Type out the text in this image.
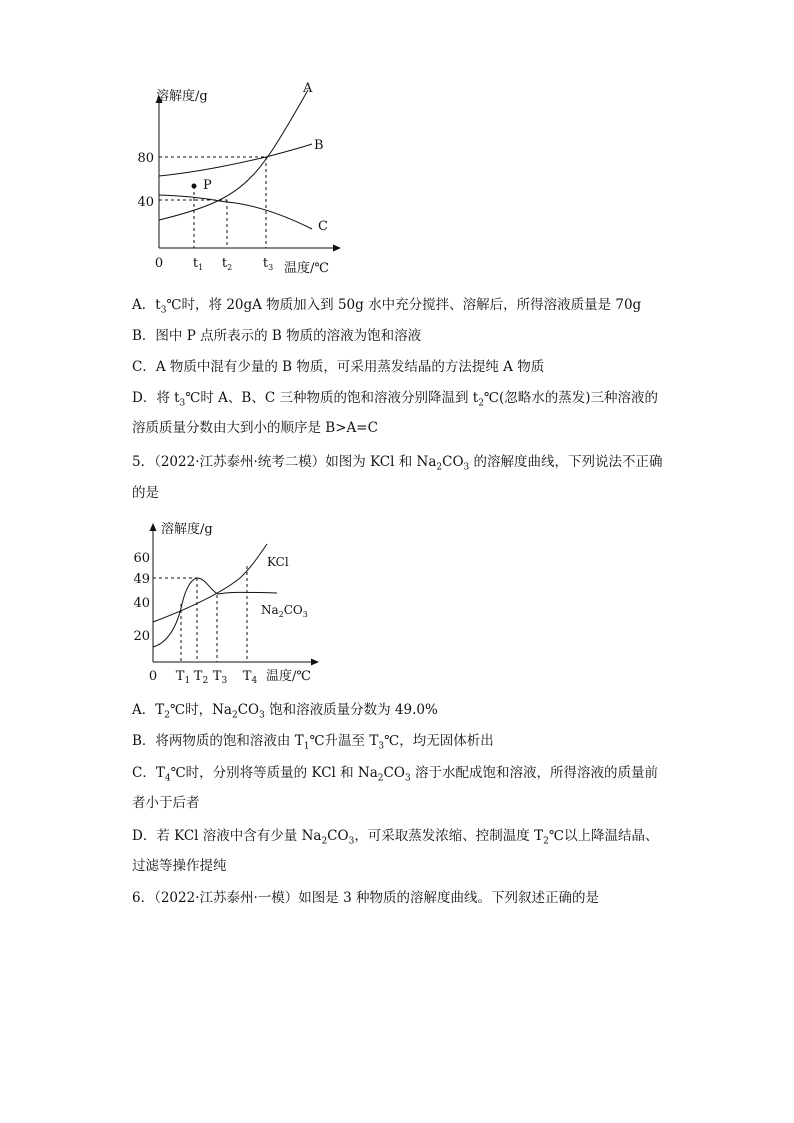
溶解度/g
80
40
0 $t_1$ $t_2$ $t_3$ 温度/℃
A
B
C
P
A．$t_3℃$时，将 20gA 物质加入到 50g 水中充分搅拌、溶解后，所得溶液质量是 70g
B．图中 P 点所表示的 B 物质的溶液为饱和溶液
C．A 物质中混有少量的 B 物质，可采用蒸发结晶的方法提纯 A 物质
D．将 $t_3℃$时 A、B、C 三种物质的饱和溶液分别降温到 $t_2℃$(忽略水的蒸发)三种溶液的
溶质质量分数由大到小的顺序是 B>A=C
5．（2022·江苏泰州·统考二模）如图为 KCl 和 $Na_2CO_3$ 的溶解度曲线，下列说法不正确
的是
溶解度/g
60
49
40
20
0 $T_1$ $T_2$ $T_3$ $T_4$ 温度/℃
KCl
$Na_2CO_3$
A．$T_2℃$时，$Na_2CO_3$ 饱和溶液质量分数为 49.0%
B．将两物质的饱和溶液由 $T_1℃$升温至 $T_3℃$，均无固体析出
C．$T_4℃$时，分别将等质量的 KCl 和 $Na_2CO_3$ 溶于水配成饱和溶液，所得溶液的质量前
者小于后者
D．若 KCl 溶液中含有少量 $Na_2CO_3$，可采取蒸发浓缩、控制温度 $T_2℃$以上降温结晶、
过滤等操作提纯
6．（2022·江苏泰州·一模）如图是 3 种物质的溶解度曲线。下列叙述正确的是
